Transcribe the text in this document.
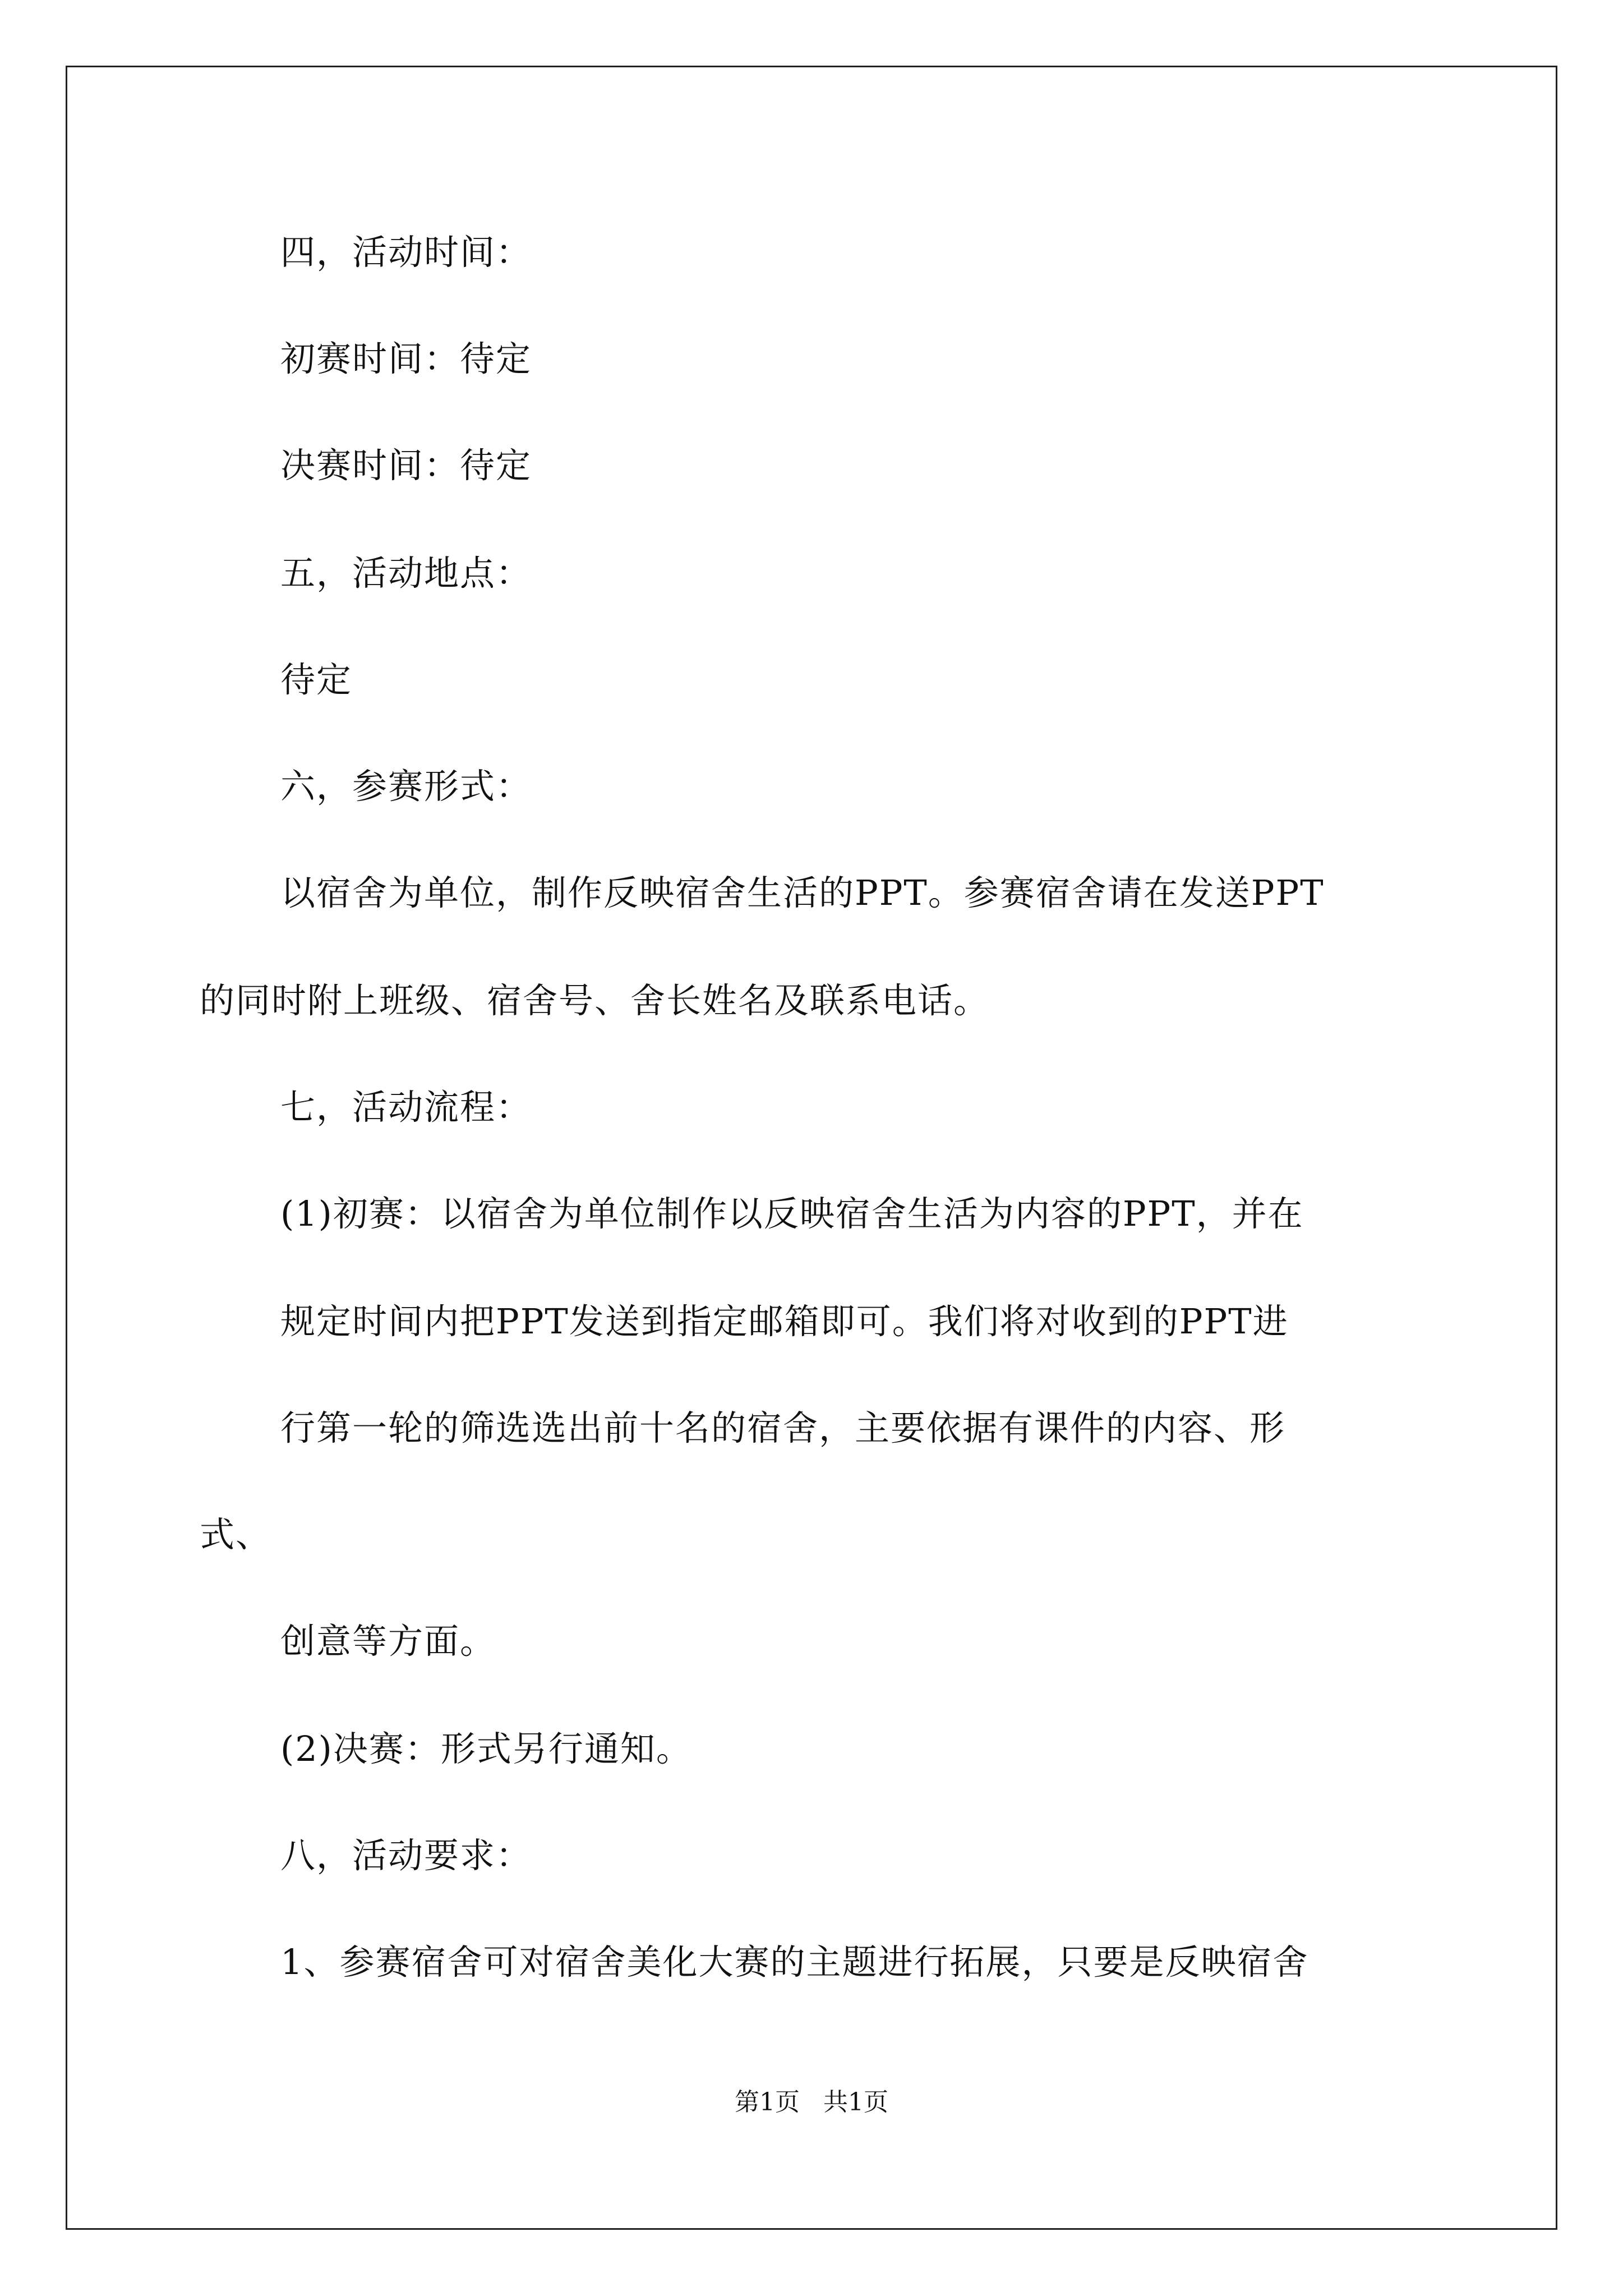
四，活动时间：
初赛时间：待定
决赛时间：待定
五，活动地点：
待定
六，参赛形式：
以宿舍为单位，制作反映宿舍生活的PPT。参赛宿舍请在发送PPT
的同时附上班级、宿舍号、舍长姓名及联系电话。
七，活动流程：
(1)初赛：以宿舍为单位制作以反映宿舍生活为内容的PPT，并在
规定时间内把PPT发送到指定邮箱即可。我们将对收到的PPT进
行第一轮的筛选选出前十名的宿舍，主要依据有课件的内容、形
式、
创意等方面。
(2)决赛：形式另行通知。
八，活动要求：
1、参赛宿舍可对宿舍美化大赛的主题进行拓展，只要是反映宿舍
第1页   共1页
